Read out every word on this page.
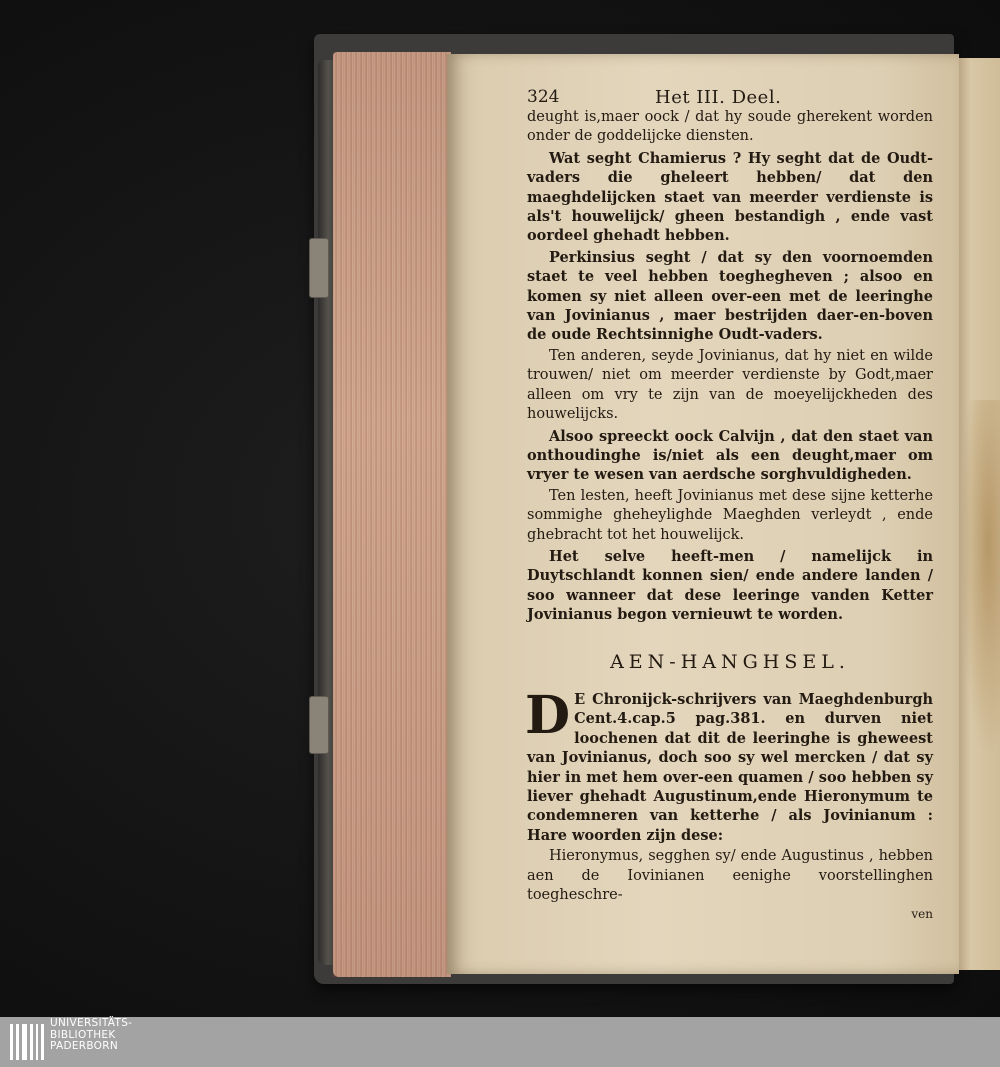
324	Het III. Deel.

deught is,maer oock / dat hy soude gherekent worden onder de goddelijcke diensten.

Wat seght Chamierus ? Hy seght dat de Oudt-vaders die gheleert hebben/ dat den maeghdelijcken staet van meerder verdienste is als't houwelijck/ gheen bestandigh , ende vast oordeel ghehadt hebben.

Perkinsius seght / dat sy den voornoemden staet te veel hebben toeghegheven ; alsoo en komen sy niet alleen over-een met de leeringhe van Jovinianus , maer bestrijden daer-en-boven de oude Rechtsinnighe Oudt-vaders.

Ten anderen, seyde Jovinianus, dat hy niet en wilde trouwen/ niet om meerder verdienste by Godt,maer alleen om vry te zijn van de moeyelijckheden des houwelijcks.

Alsoo spreeckt oock Calvijn , dat den staet van onthoudinghe is/niet als een deught,maer om vryer te wesen van aerdsche sorghvuldigheden.

Ten lesten, heeft Jovinianus met dese sijne ketterhe sommighe gheheylighde Maeghden verleydt , ende ghebracht tot het houwelijck.

Het selve heeft-men / namelijck in Duytschlandt konnen sien/ ende andere landen / soo wanneer dat dese leeringe vanden Ketter Jovinianus begon vernieuwt te worden.

AEN-HANGHSEL.

D E Chronijck-schrijvers van Maeghdenburgh Cent.4.cap.5 pag.381. en durven niet loochenen dat dit de leeringhe is gheweest van Jovinianus, doch soo sy wel mercken / dat sy hier in met hem over-een quamen / soo hebben sy liever ghehadt Augustinum,ende Hieronymum te condemneren van ketterhe / als Jovinianum : Hare woorden zijn dese:

Hieronymus, segghen sy/ ende Augustinus , hebben aen de Iovinianen eenighe voorstellinghen toegheschre-

ven

UNIVERSITÄTS-
BIBLIOTHEK
PADERBORN
